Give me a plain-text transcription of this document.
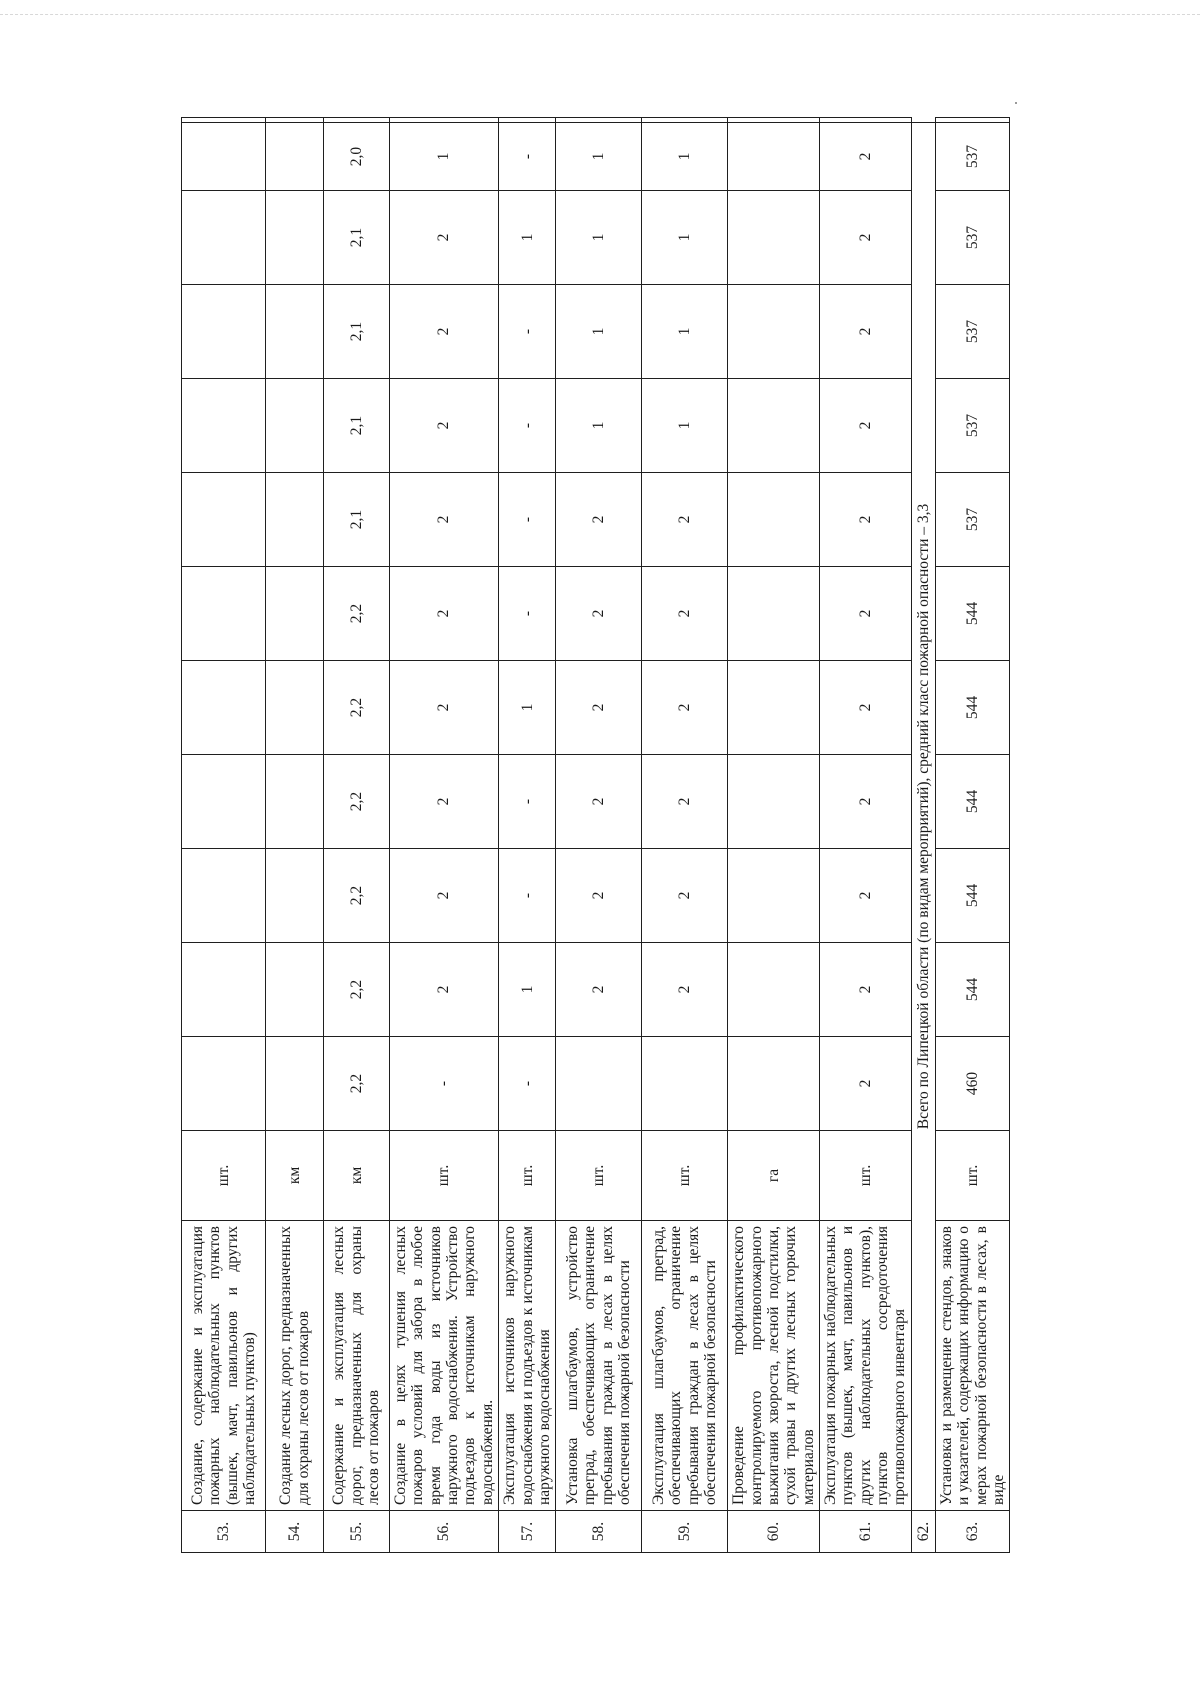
53.	Создание, содержание и эксплуатация пожарных наблюдательных пунктов (вышек, мачт, павильонов и других наблюдательных пунктов)	шт.												
54.	Создание лесных дорог, предназначенных для охраны лесов от пожаров	км												
55.	Содержание и эксплуатация лесных дорог, предназначенных для охраны лесов от пожаров	км	2,2	2,2	2,2	2,2	2,2	2,2	2,1	2,1	2,1	2,1	2,0	
56.	Создание в целях тушения лесных пожаров условий для забора в любое время года воды из источников наружного водоснабжения. Устройство подъездов к источникам наружного водоснабжения.	шт.	-	2	2	2	2	2	2	2	2	2	1	
57.	Эксплуатация источников наружного водоснабжения и подъездов к источникам наружного водоснабжения	шт.	-	1	-	-	1	-	-	-	-	1	-	
58.	Установка шлагбаумов, устройство преград, обеспечивающих ограничение пребывания граждан в лесах в целях обеспечения пожарной безопасности	шт.		2	2	2	2	2	2	1	1	1	1	
59.	Эксплуатация шлагбаумов, преград, обеспечивающих ограничение пребывания граждан в лесах в целях обеспечения пожарной безопасности	шт.		2	2	2	2	2	2	1	1	1	1	
60.	Проведение профилактического контролируемого противопожарного выжигания хвороста, лесной подстилки, сухой травы и других лесных горючих материалов	га												
61.	Эксплуатация пожарных наблюдательных пунктов (вышек, мачт, павильонов и других наблюдательных пунктов), пунктов сосредоточения противопожарного инвентаря	шт.	2	2	2	2	2	2	2	2	2	2	2	
62.	Всего по Липецкой области (по видам мероприятий), средний класс пожарной опасности – 3,3													
63.	Установка и размещение стендов, знаков и указателей, содержащих информацию о мерах пожарной безопасности в лесах, в виде	шт.	460	544	544	544	544	544	537	537	537	537	537	
